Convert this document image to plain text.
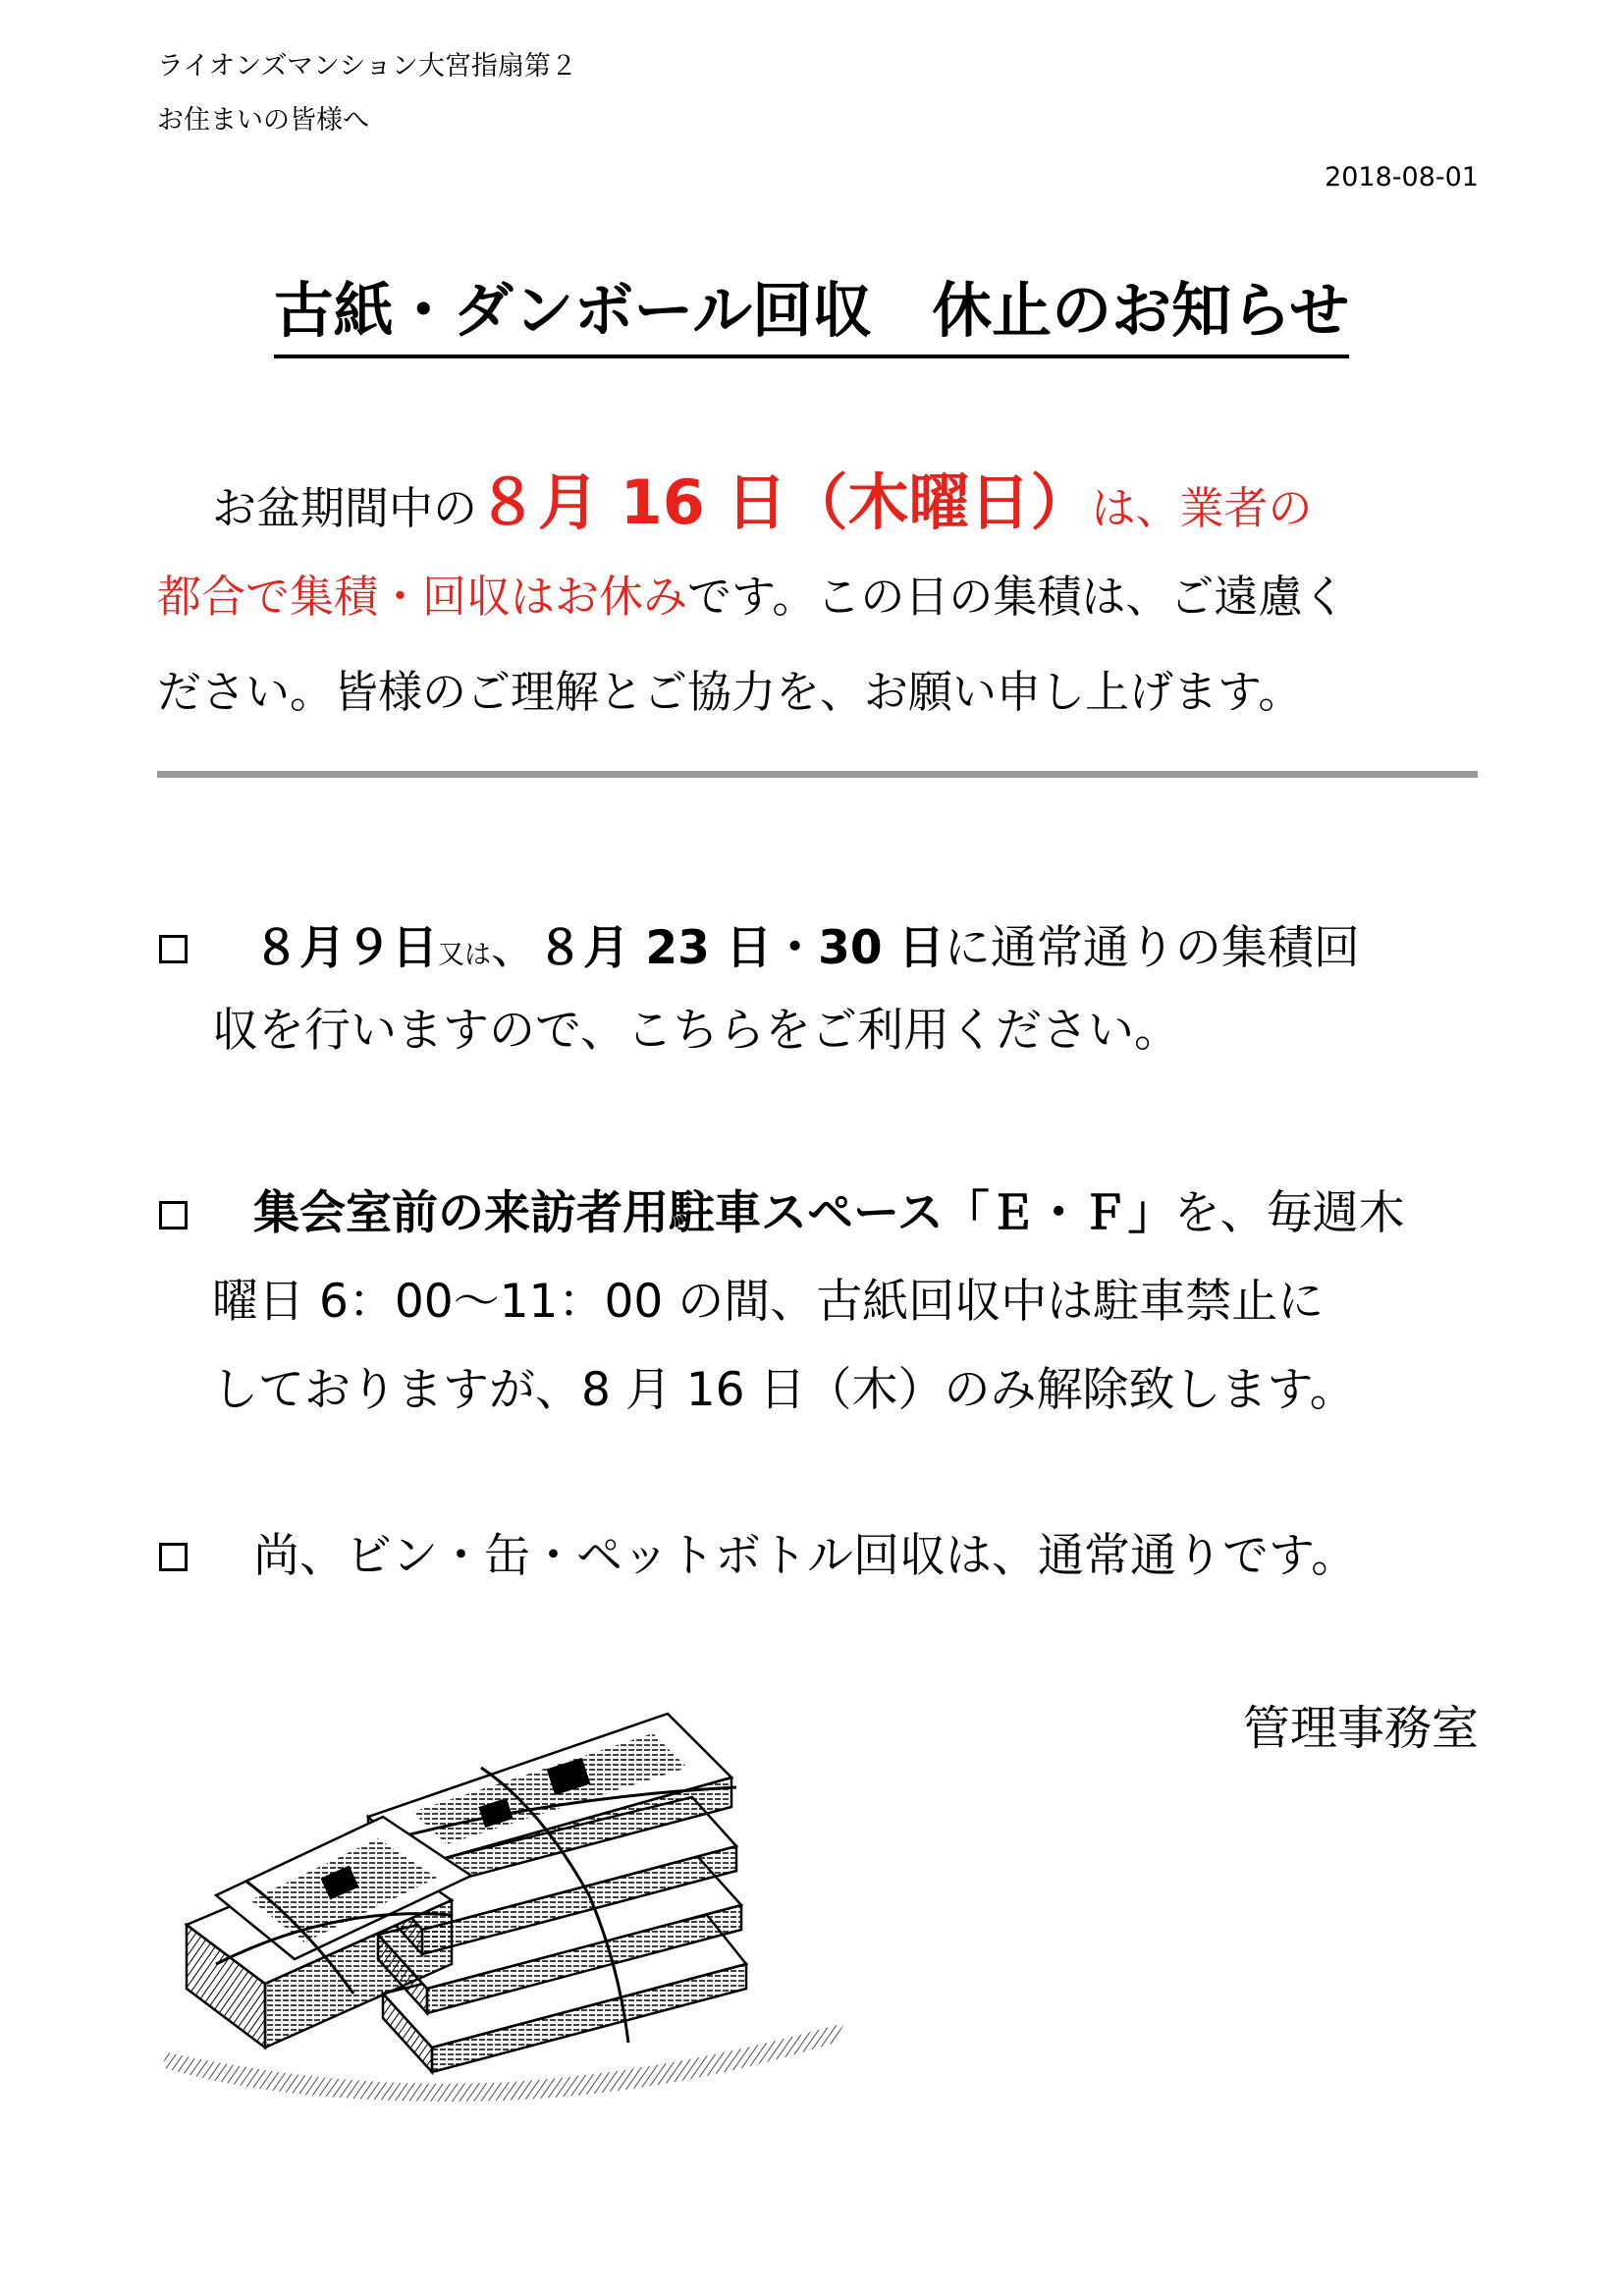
ライオンズマンション大宮指扇第２
お住まいの皆様へ
2018-08-01
古紙・ダンボール回収　休止のお知らせ
お盆期間中の８月 16 日（木曜日）は、業者の
都合で集積・回収はお休みです。この日の集積は、ご遠慮く
ださい。皆様のご理解とご協力を、お願い申し上げます。
８月９日又は、８月 23 日・30 日に通常通りの集積回
収を行いますので、こちらをご利用ください。
集会室前の来訪者用駐車スペース「Ｅ・Ｆ」を、毎週木
曜日 6：00～11：00 の間、古紙回収中は駐車禁止に
しておりますが、8 月 16 日（木）のみ解除致します。
尚、ビン・缶・ペットボトル回収は、通常通りです。
管理事務室
